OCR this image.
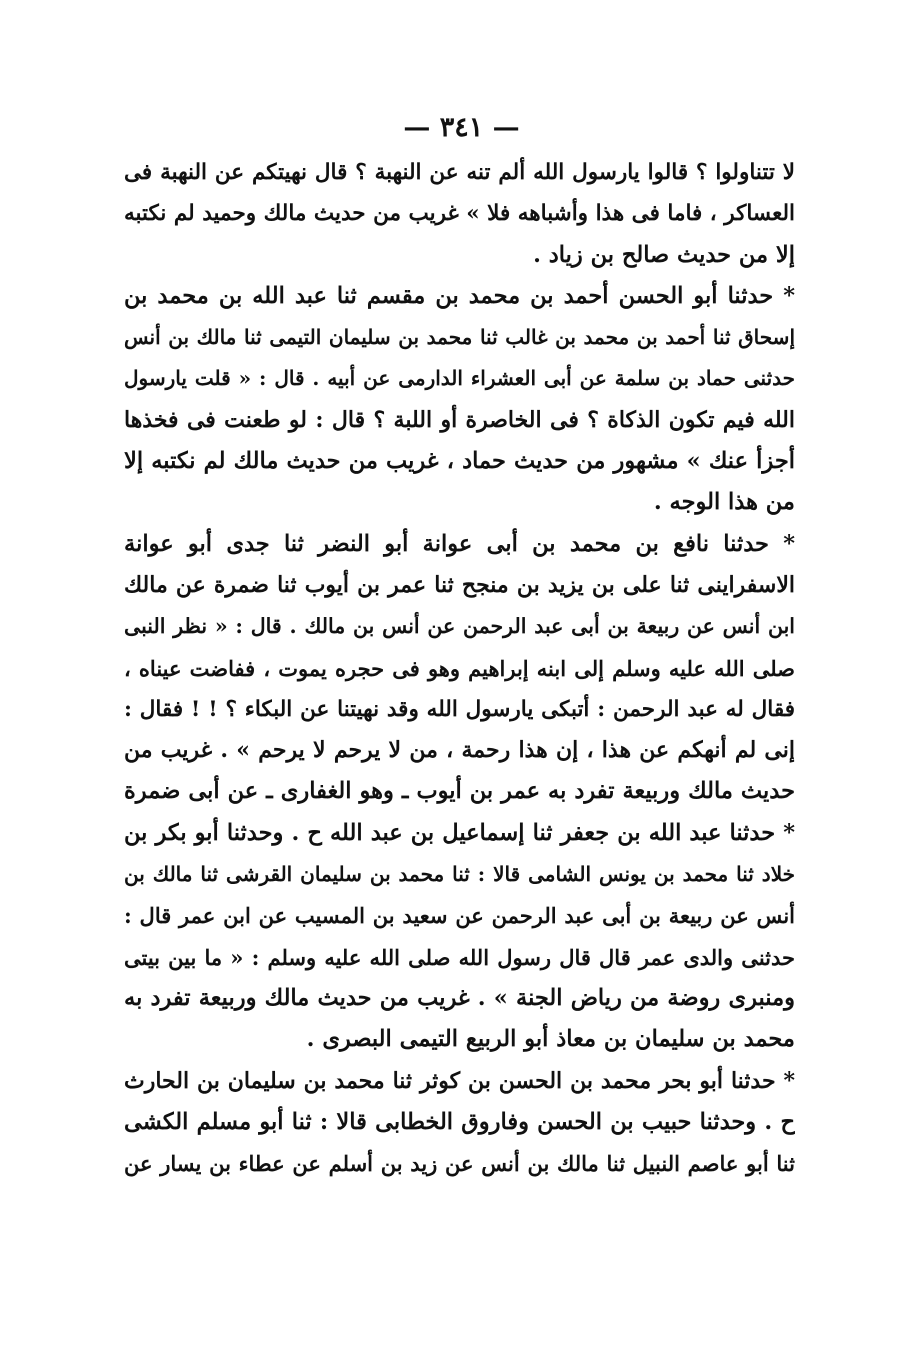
— ٣٤١ —
لا تتناولوا ؟ قالوا يارسول الله ألم تنه عن النهبة ؟ قال نهيتكم عن النهبة فى
العساكر ، فاما فى هذا وأشباهه فلا » غريب من حديث مالك وحميد لم نكتبه
إلا من حديث صالح بن زياد .
* حدثنا أبو الحسن أحمد بن محمد بن مقسم ثنا عبد الله بن محمد بن
إسحاق ثنا أحمد بن محمد بن غالب ثنا محمد بن سليمان التيمى ثنا مالك بن أنس
حدثنى حماد بن سلمة عن أبى العشراء الدارمى عن أبيه . قال : « قلت يارسول
الله فيم تكون الذكاة ؟ فى الخاصرة أو اللبة ؟ قال : لو طعنت فى فخذها
أجزأ عنك » مشهور من حديث حماد ، غريب من حديث مالك لم نكتبه إلا
من هذا الوجه .
* حدثنا نافع بن محمد بن أبى عوانة أبو النضر ثنا جدى أبو عوانة
الاسفراينى ثنا على بن يزيد بن منجح ثنا عمر بن أيوب ثنا ضمرة عن مالك
ابن أنس عن ربيعة بن أبى عبد الرحمن عن أنس بن مالك . قال : « نظر النبى
صلى الله عليه وسلم إلى ابنه إبراهيم وهو فى حجره يموت ، ففاضت عيناه ،
فقال له عبد الرحمن : أتبكى يارسول الله وقد نهيتنا عن البكاء ؟ ! ! فقال :
إنى لم أنهكم عن هذا ، إن هذا رحمة ، من لا يرحم لا يرحم » . غريب من
حديث مالك وربيعة تفرد به عمر بن أيوب ـ وهو الغفارى ـ عن أبى ضمرة
* حدثنا عبد الله بن جعفر ثنا إسماعيل بن عبد الله ح . وحدثنا أبو بكر بن
خلاد ثنا محمد بن يونس الشامى قالا : ثنا محمد بن سليمان القرشى ثنا مالك بن
أنس عن ربيعة بن أبى عبد الرحمن عن سعيد بن المسيب عن ابن عمر قال :
حدثنى والدى عمر قال قال رسول الله صلى الله عليه وسلم : « ما بين بيتى
ومنبرى روضة من رياض الجنة » . غريب من حديث مالك وربيعة تفرد به
محمد بن سليمان بن معاذ أبو الربيع التيمى البصرى .
* حدثنا أبو بحر محمد بن الحسن بن كوثر ثنا محمد بن سليمان بن الحارث
ح . وحدثنا حبيب بن الحسن وفاروق الخطابى قالا : ثنا أبو مسلم الكشى
ثنا أبو عاصم النبيل ثنا مالك بن أنس عن زيد بن أسلم عن عطاء بن يسار عن
